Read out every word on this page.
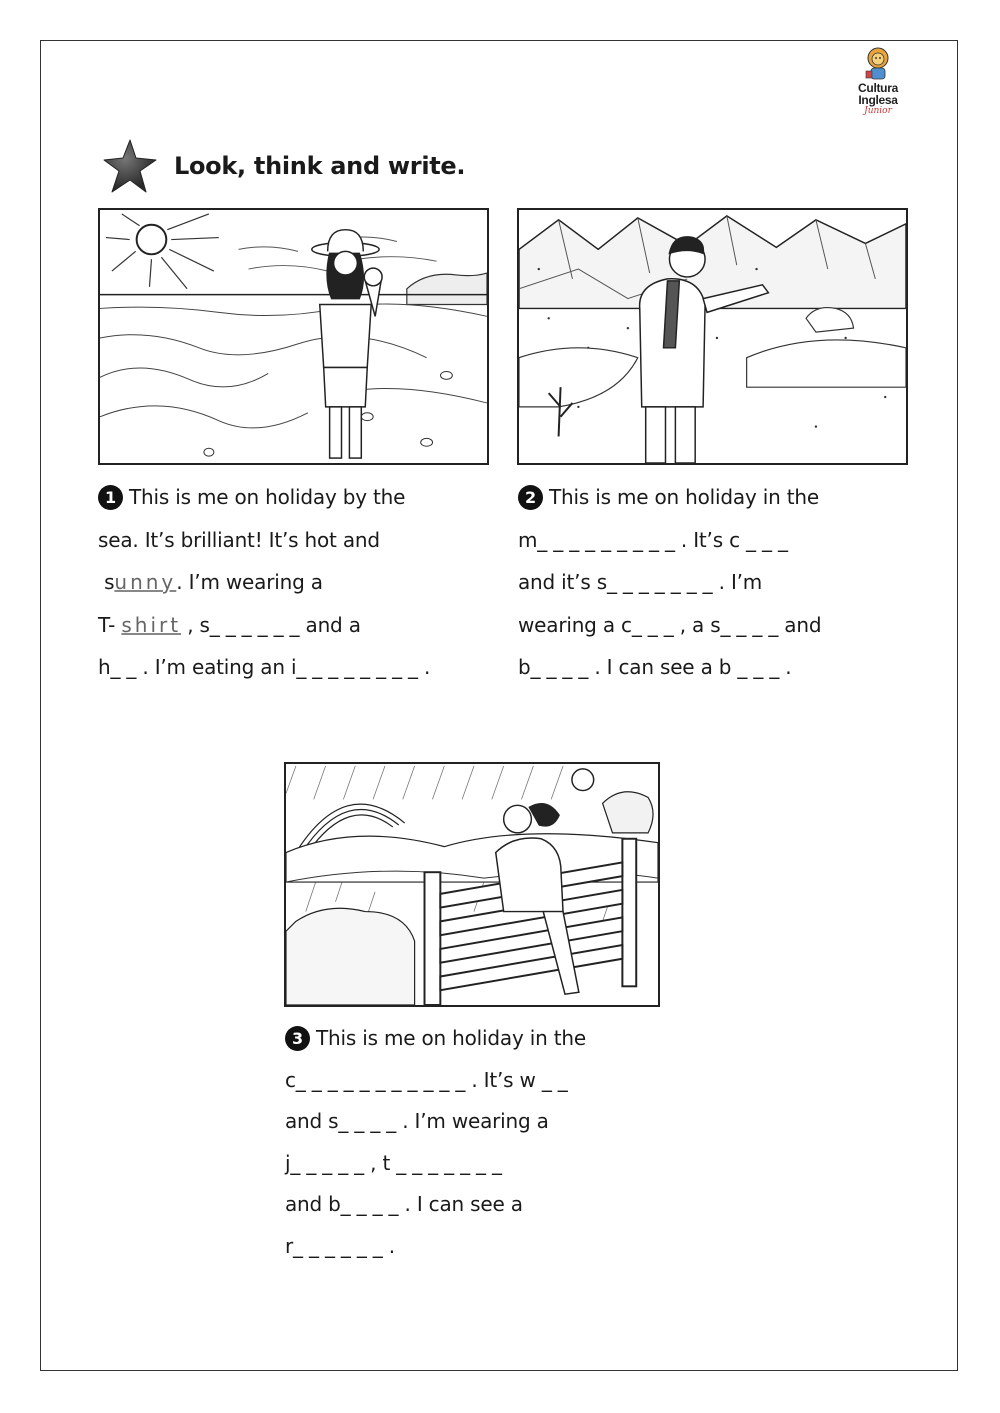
Cultura
Inglesa
Junior
Look, think and write.
1 This is me on holiday by the
sea. It’s brilliant! It’s hot and
sunny. I’m wearing a
T- shirt , s_ _ _ _ _ _ and a
h_ _ . I’m eating an i_ _ _ _ _ _ _ _ .
2 This is me on holiday in the
m_ _ _ _ _ _ _ _ _ . It’s c _ _ _
and it’s s_ _ _ _ _ _ _ . I’m
wearing a c_ _ _ , a s_ _ _ _ and
b_ _ _ _ . I can see a b _ _ _ .
3 This is me on holiday in the
c_ _ _ _ _ _ _ _ _ _ _ . It’s w _ _
and s_ _ _ _ . I’m wearing a
j_ _ _ _ _ , t _ _ _ _ _ _ _
and b_ _ _ _ . I can see a
r_ _ _ _ _ _ .
